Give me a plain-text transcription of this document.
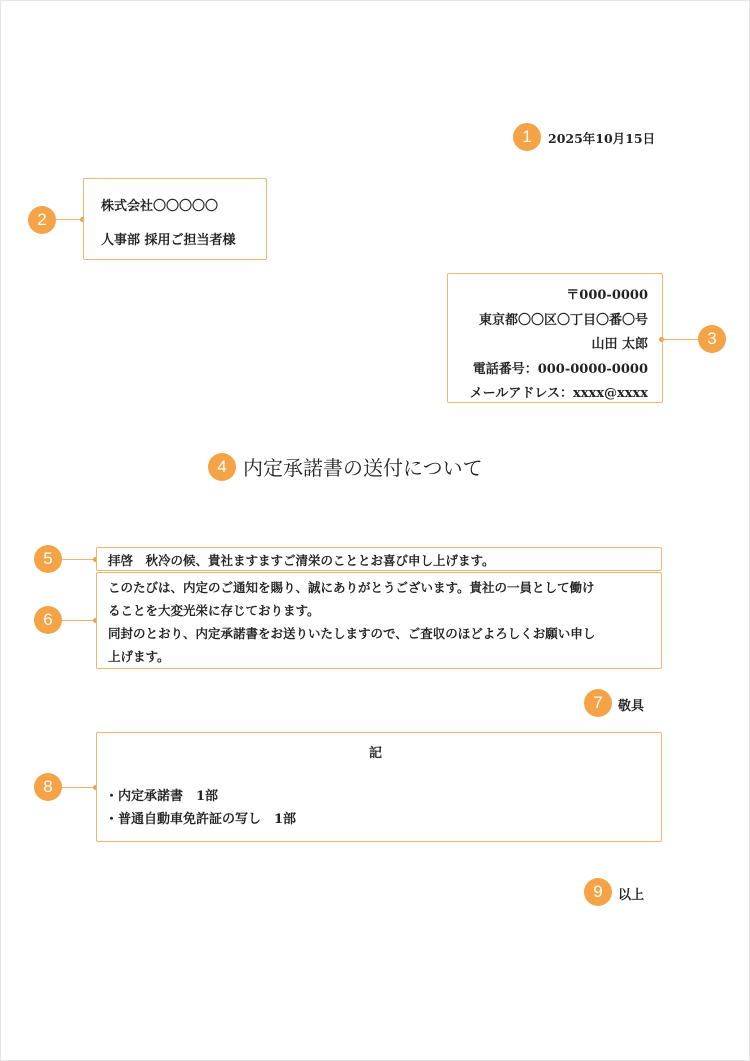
1	2025年10月15日
2
株式会社〇〇〇〇〇
人事部 採用ご担当者様
〒000-0000
東京都〇〇区〇丁目〇番〇号
山田 太郎
電話番号：000-0000-0000
メールアドレス：xxxx@xxxx
3
4 内定承諾書の送付について
5	拝啓　秋冷の候、貴社ますますご清栄のこととお喜び申し上げます。
6
このたびは、内定のご通知を賜り、誠にありがとうございます。貴社の一員として働け
ることを大変光栄に存じております。
同封のとおり、内定承諾書をお送りいたしますので、ご査収のほどよろしくお願い申し
上げます。
7	敬具
8
記
・内定承諾書　1部
・普通自動車免許証の写し　1部
9	以上
